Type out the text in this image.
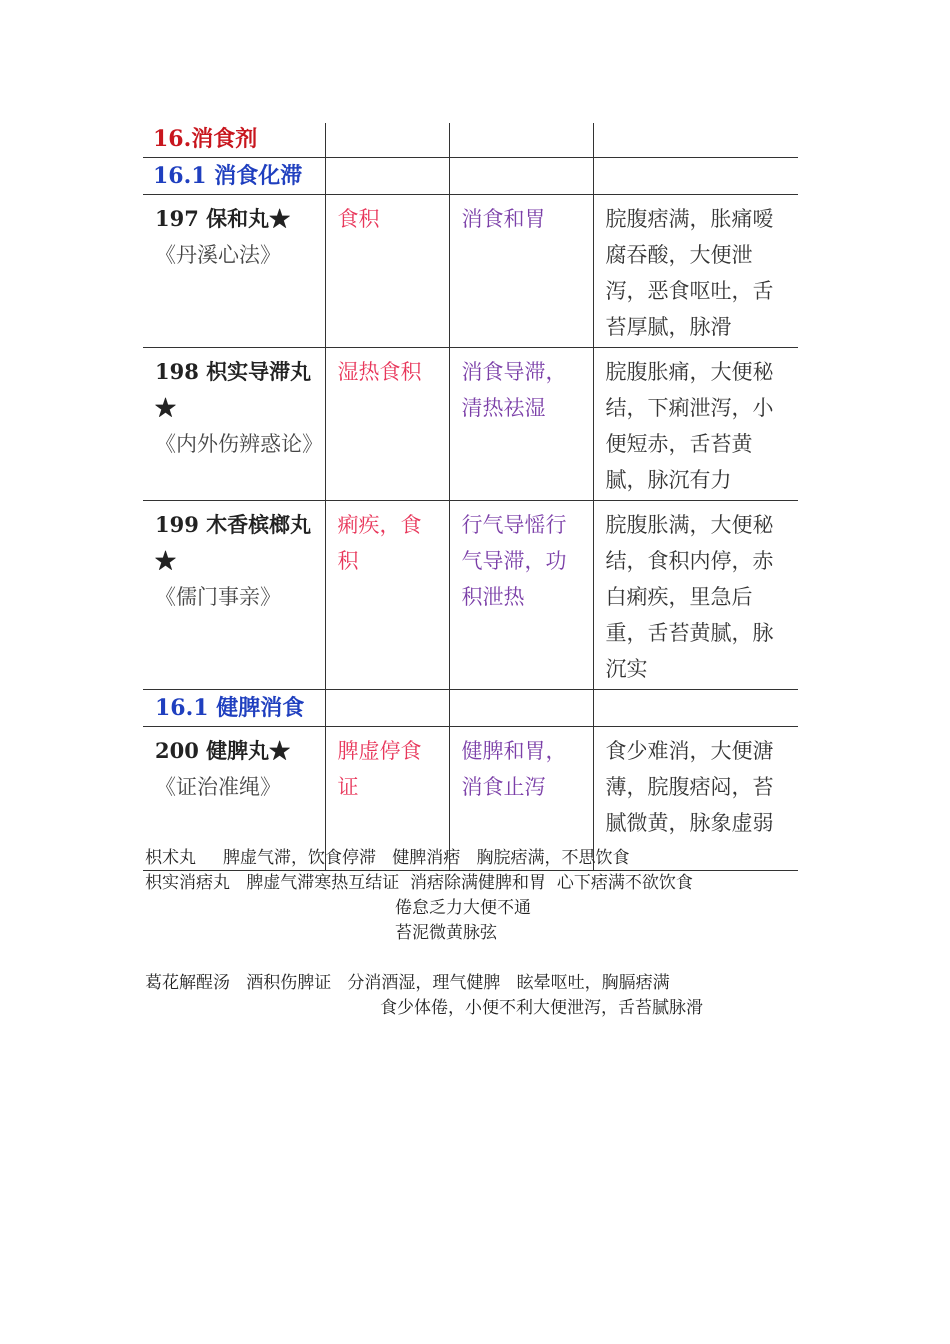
16.消食剂			
16.1 消食化滞			
197 保和丸★
《丹溪心法》	食积	消食和胃	脘腹痞满，胀痛嗳腐吞酸，大便泄泻，恶食呕吐，舌苔厚腻，脉滑
198 枳实导滞丸★
《内外伤辨惑论》	湿热食积	消食导滞，清热祛湿	脘腹胀痛，大便秘结，下痢泄泻，小便短赤，舌苔黄腻，脉沉有力
199 木香槟榔丸★
《儒门事亲》	痢疾，食积	行气导愮行气导滞，功积泄热	脘腹胀满，大便秘结，食积内停，赤白痢疾，里急后重，舌苔黄腻，脉沉实
16.1 健脾消食			
200 健脾丸★
《证治准绳》	脾虚停食证	健脾和胃，消食止泻	食少难消，大便溏薄，脘腹痞闷，苔腻微黄，脉象虚弱
枳术丸     脾虚气滞，饮食停滞   健脾消痞   胸脘痞满，不思饮食
枳实消痞丸   脾虚气滞寒热互结证  消痞除满健脾和胃  心下痞满不欲饮食
倦怠乏力大便不通
苔泥微黄脉弦
葛花解酲汤   酒积伤脾证   分消酒湿，理气健脾   眩晕呕吐，胸膈痞满
食少体倦，小便不利大便泄泻，舌苔腻脉滑
